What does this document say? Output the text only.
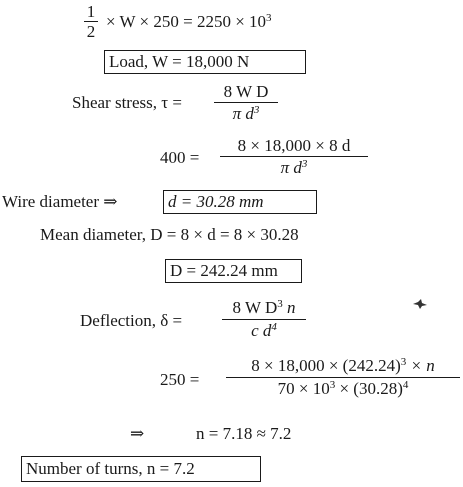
1
2
× $W \times 250 = 2250 \times 10^3$
Load, W = 18,000 N
Shear stress, τ =
8 W D
π $d^3$
400 =
8 × 18,000 × 8 d
π $d^3$
Wire diameter ⇒	d = 30.28 mm
Mean diameter, D = 8 × d = 8 × 30.28
D = 242.24 mm
Deflection, δ =
8 W $D^3$ n
c $d^4$
250 =
$8 \times 18,000 \times (242.24)^3 \times n$
$70 \times 10^3 \times (30.28)^4$
⇒	n = 7.18 ≈ 7.2
Number of turns, n = 7.2
